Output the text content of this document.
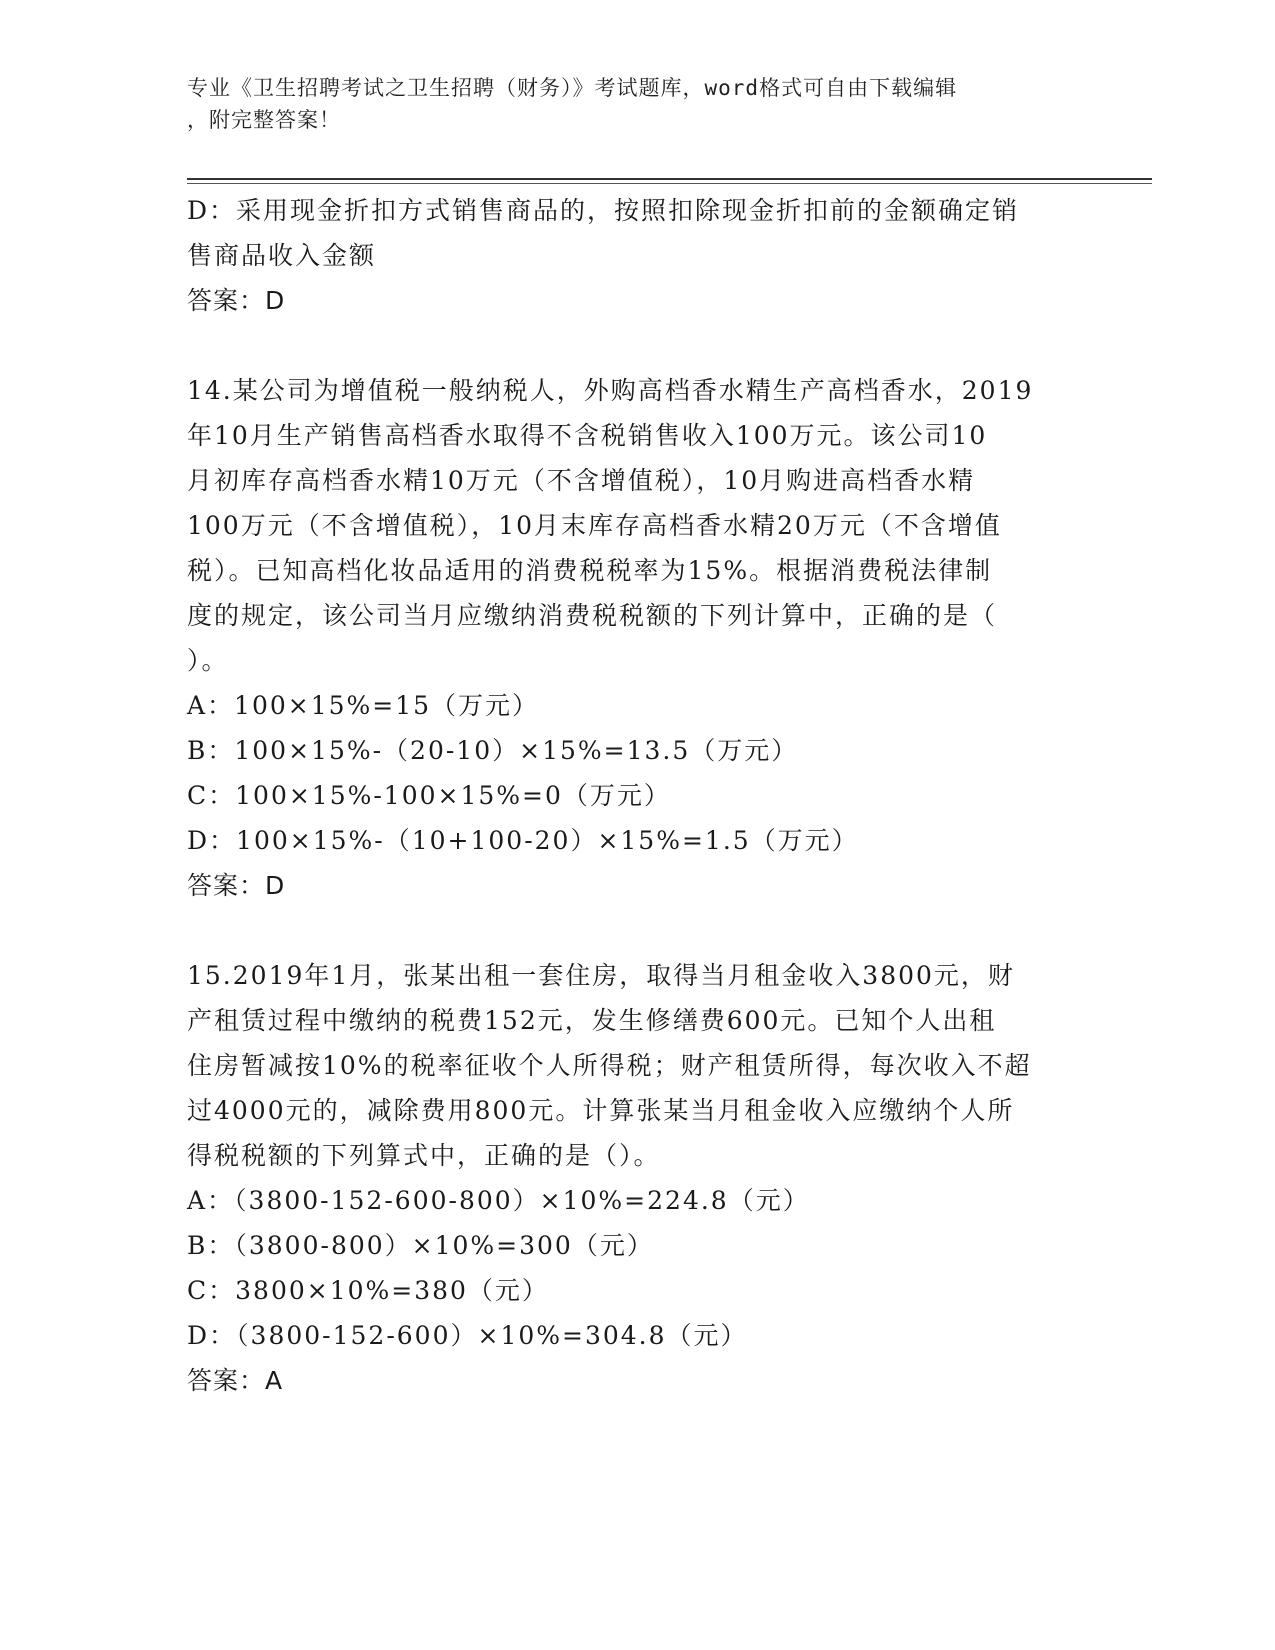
专业《卫生招聘考试之卫生招聘（财务）》考试题库，word格式可自由下载编辑
，附完整答案！
D：采用现金折扣方式销售商品的，按照扣除现金折扣前的金额确定销
售商品收入金额
答案：D
14.某公司为增值税一般纳税人，外购高档香水精生产高档香水，2019
年10月生产销售高档香水取得不含税销售收入100万元。该公司10
月初库存高档香水精10万元（不含增值税），10月购进高档香水精
100万元（不含增值税），10月末库存高档香水精20万元（不含增值
税）。已知高档化妆品适用的消费税税率为15%。根据消费税法律制
度的规定，该公司当月应缴纳消费税税额的下列计算中，正确的是（
）。
A：100×15%=15（万元）
B：100×15%-（20-10）×15%=13.5（万元）
C：100×15%-100×15%=0（万元）
D：100×15%-（10+100-20）×15%=1.5（万元）
答案：D
15.2019年1月，张某出租一套住房，取得当月租金收入3800元，财
产租赁过程中缴纳的税费152元，发生修缮费600元。已知个人出租
住房暂减按10%的税率征收个人所得税；财产租赁所得，每次收入不超
过4000元的，减除费用800元。计算张某当月租金收入应缴纳个人所
得税税额的下列算式中，正确的是（）。
A：（3800-152-600-800）×10%=224.8（元）
B：（3800-800）×10%=300（元）
C：3800×10%=380（元）
D：（3800-152-600）×10%=304.8（元）
答案：A
